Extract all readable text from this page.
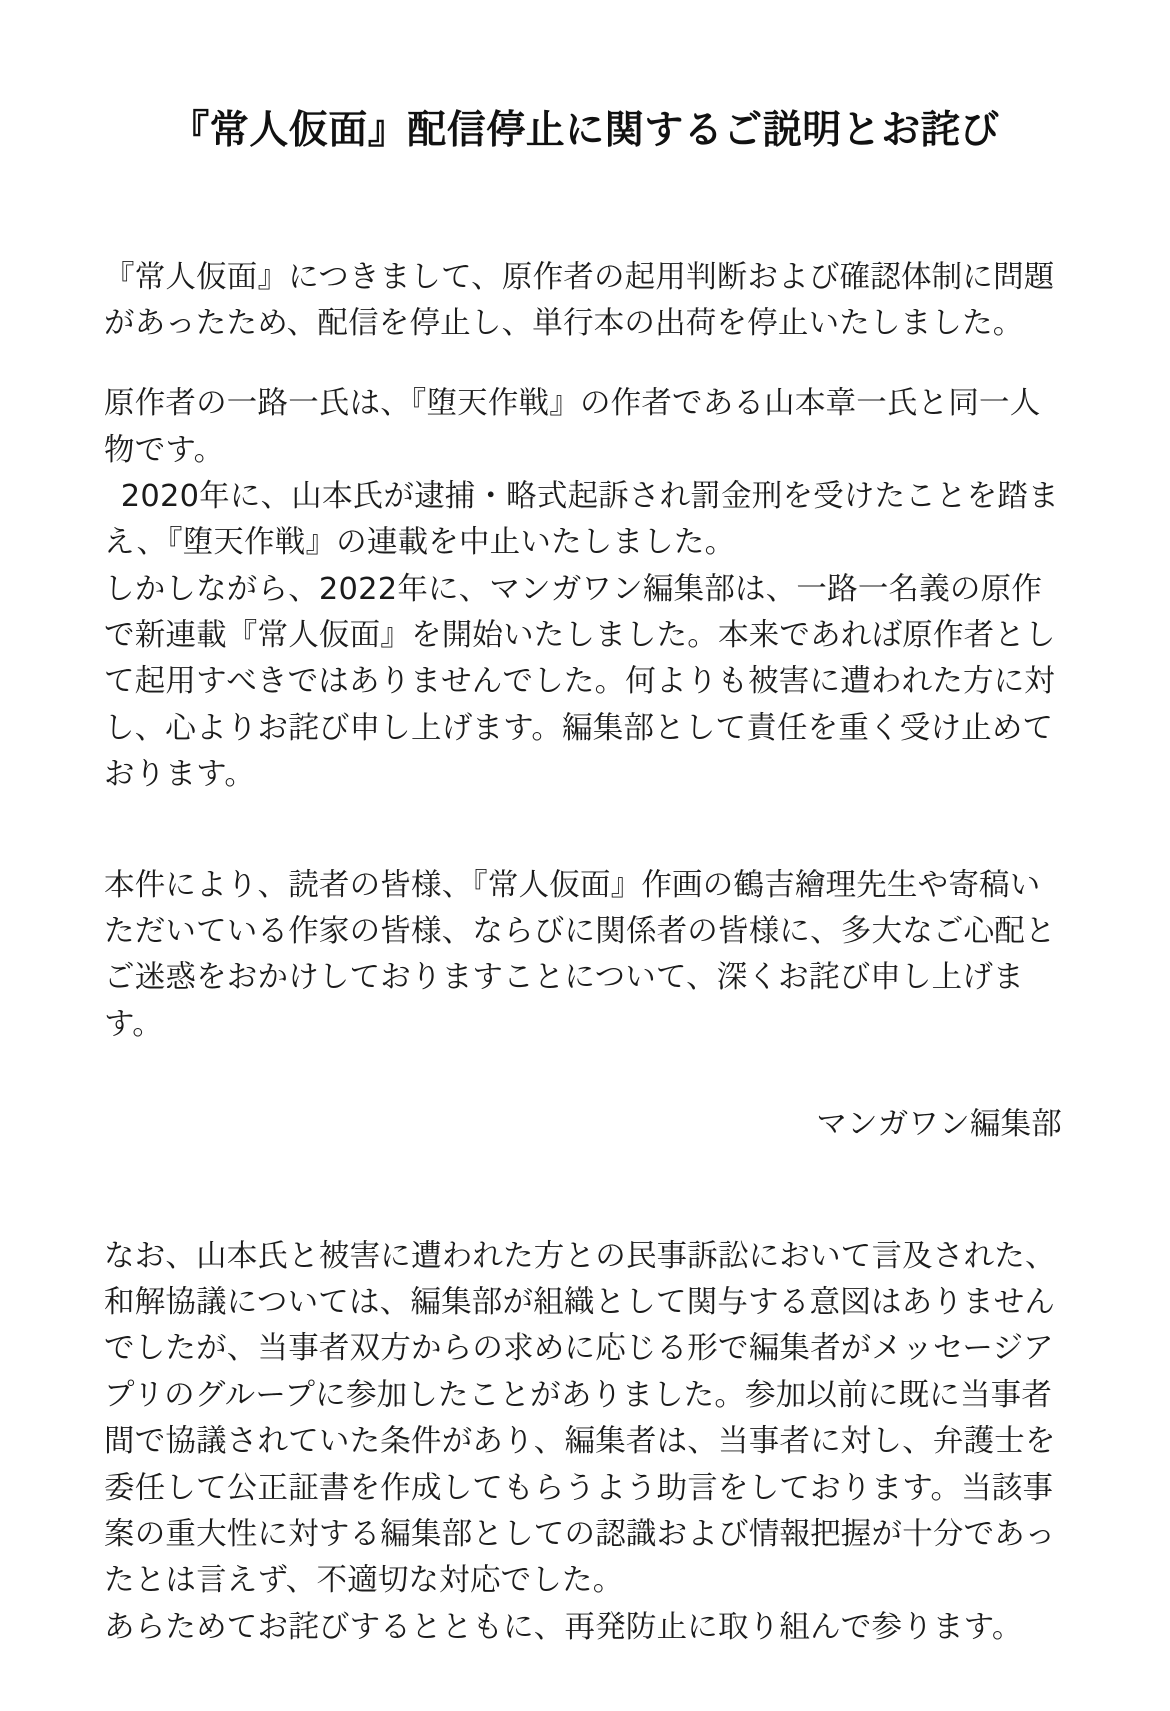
『常人仮面』配信停止に関するご説明とお詫び

『常人仮面』につきまして、原作者の起用判断および確認体制に問題があったため、配信を停止し、単行本の出荷を停止いたしました。

原作者の一路一氏は、『堕天作戦』の作者である山本章一氏と同一人物です。

2020年に、山本氏が逮捕・略式起訴され罰金刑を受けたことを踏まえ、『堕天作戦』の連載を中止いたしました。

しかしながら、2022年に、マンガワン編集部は、一路一名義の原作で新連載『常人仮面』を開始いたしました。本来であれば原作者として起用すべきではありませんでした。何よりも被害に遭われた方に対し、心よりお詫び申し上げます。編集部として責任を重く受け止めております。

本件により、読者の皆様、『常人仮面』作画の鶴吉繪理先生や寄稿いただいている作家の皆様、ならびに関係者の皆様に、多大なご心配とご迷惑をおかけしておりますことについて、深くお詫び申し上げます。

マンガワン編集部

なお、山本氏と被害に遭われた方との民事訴訟において言及された、和解協議については、編集部が組織として関与する意図はありませんでしたが、当事者双方からの求めに応じる形で編集者がメッセージアプリのグループに参加したことがありました。参加以前に既に当事者間で協議されていた条件があり、編集者は、当事者に対し、弁護士を委任して公正証書を作成してもらうよう助言をしております。当該事案の重大性に対する編集部としての認識および情報把握が十分であったとは言えず、不適切な対応でした。

あらためてお詫びするとともに、再発防止に取り組んで参ります。
